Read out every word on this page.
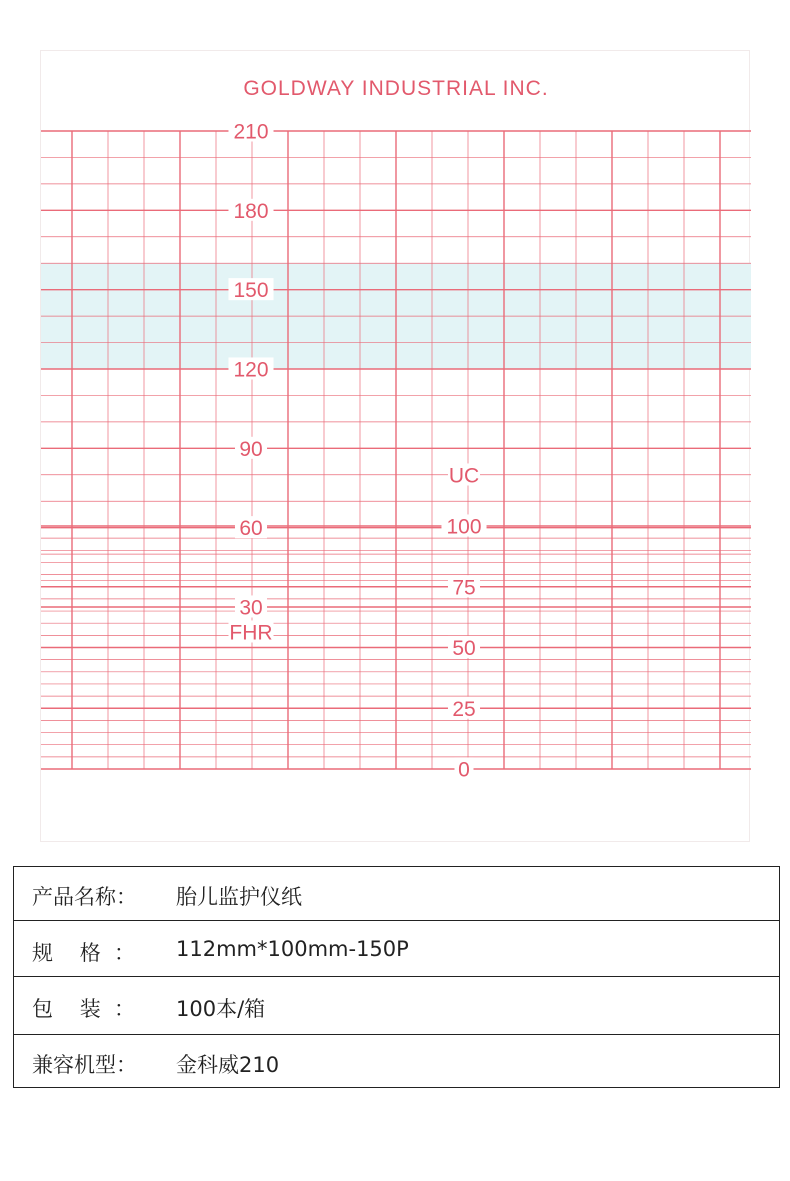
210
180
150
120
90
60
30
FHR
100
75
50
25
0
UC
GOLDWAY INDUSTRIAL INC.
产品名称： 胎儿监护仪纸
规    格  ： 112mm*100mm-150P
包    装  ： 100本/箱
兼容机型： 金科威210
